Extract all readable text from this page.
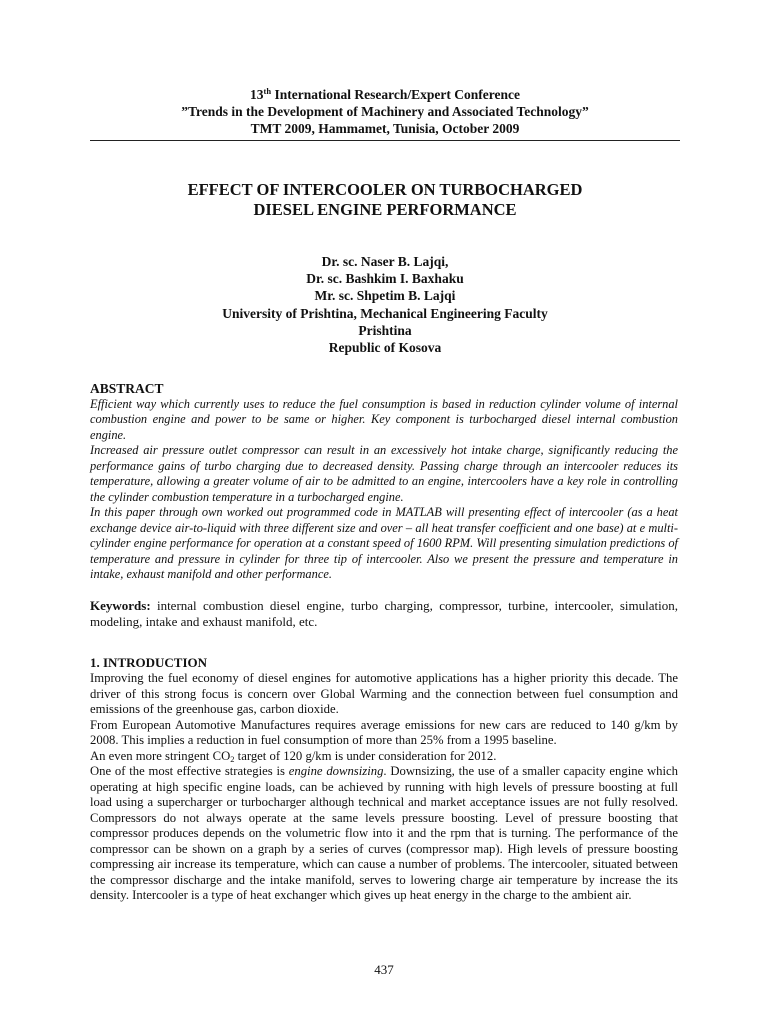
13th International Research/Expert Conference
”Trends in the Development of Machinery and Associated Technology”
TMT 2009, Hammamet, Tunisia, October 2009
EFFECT OF INTERCOOLER ON TURBOCHARGED
DIESEL ENGINE PERFORMANCE
Dr. sc. Naser B. Lajqi,
Dr. sc. Bashkim I. Baxhaku
Mr. sc. Shpetim B. Lajqi
University of Prishtina, Mechanical Engineering Faculty
Prishtina
Republic of Kosova
ABSTRACT

Efficient way which currently uses to reduce the fuel consumption is based in reduction cylinder volume of internal combustion engine and power to be same or higher. Key component is turbocharged diesel internal combustion engine.

Increased air pressure outlet compressor can result in an excessively hot intake charge, significantly reducing the performance gains of turbo charging due to decreased density. Passing charge through an intercooler reduces its temperature, allowing a greater volume of air to be admitted to an engine, intercoolers have a key role in controlling the cylinder combustion temperature in a turbocharged engine.

In this paper through own worked out programmed code in MATLAB will presenting effect of intercooler (as a heat exchange device air-to-liquid with three different size and over – all heat transfer coefficient and one base) at e multi-cylinder engine performance for operation at a constant speed of 1600 RPM. Will presenting simulation predictions of temperature and pressure in cylinder for three tip of intercooler. Also we present the pressure and temperature in intake, exhaust manifold and other performance.

Keywords: internal combustion diesel engine, turbo charging, compressor, turbine, intercooler, simulation, modeling, intake and exhaust manifold, etc.

1. INTRODUCTION

Improving the fuel economy of diesel engines for automotive applications has a higher priority this decade. The driver of this strong focus is concern over Global Warming and the connection between fuel consumption and emissions of the greenhouse gas, carbon dioxide.

From European Automotive Manufactures requires average emissions for new cars are reduced to 140 g/km by 2008. This implies a reduction in fuel consumption of more than 25% from a 1995 baseline.

An even more stringent $CO_2$ target of 120 g/km is under consideration for 2012.

One of the most effective strategies is engine downsizing. Downsizing, the use of a smaller capacity engine which operating at high specific engine loads, can be achieved by running with high levels of pressure boosting at full load using a supercharger or turbocharger although technical and market acceptance issues are not fully resolved. Compressors do not always operate at the same levels pressure boosting. Level of pressure boosting that compressor produces depends on the volumetric flow into it and the rpm that is turning. The performance of the compressor can be shown on a graph by a series of curves (compressor map). High levels of pressure boosting compressing air increase its temperature, which can cause a number of problems. The intercooler, situated between the compressor discharge and the intake manifold, serves to lowering charge air temperature by increase the its density. Intercooler is a type of heat exchanger which gives up heat energy in the charge to the ambient air.

437
